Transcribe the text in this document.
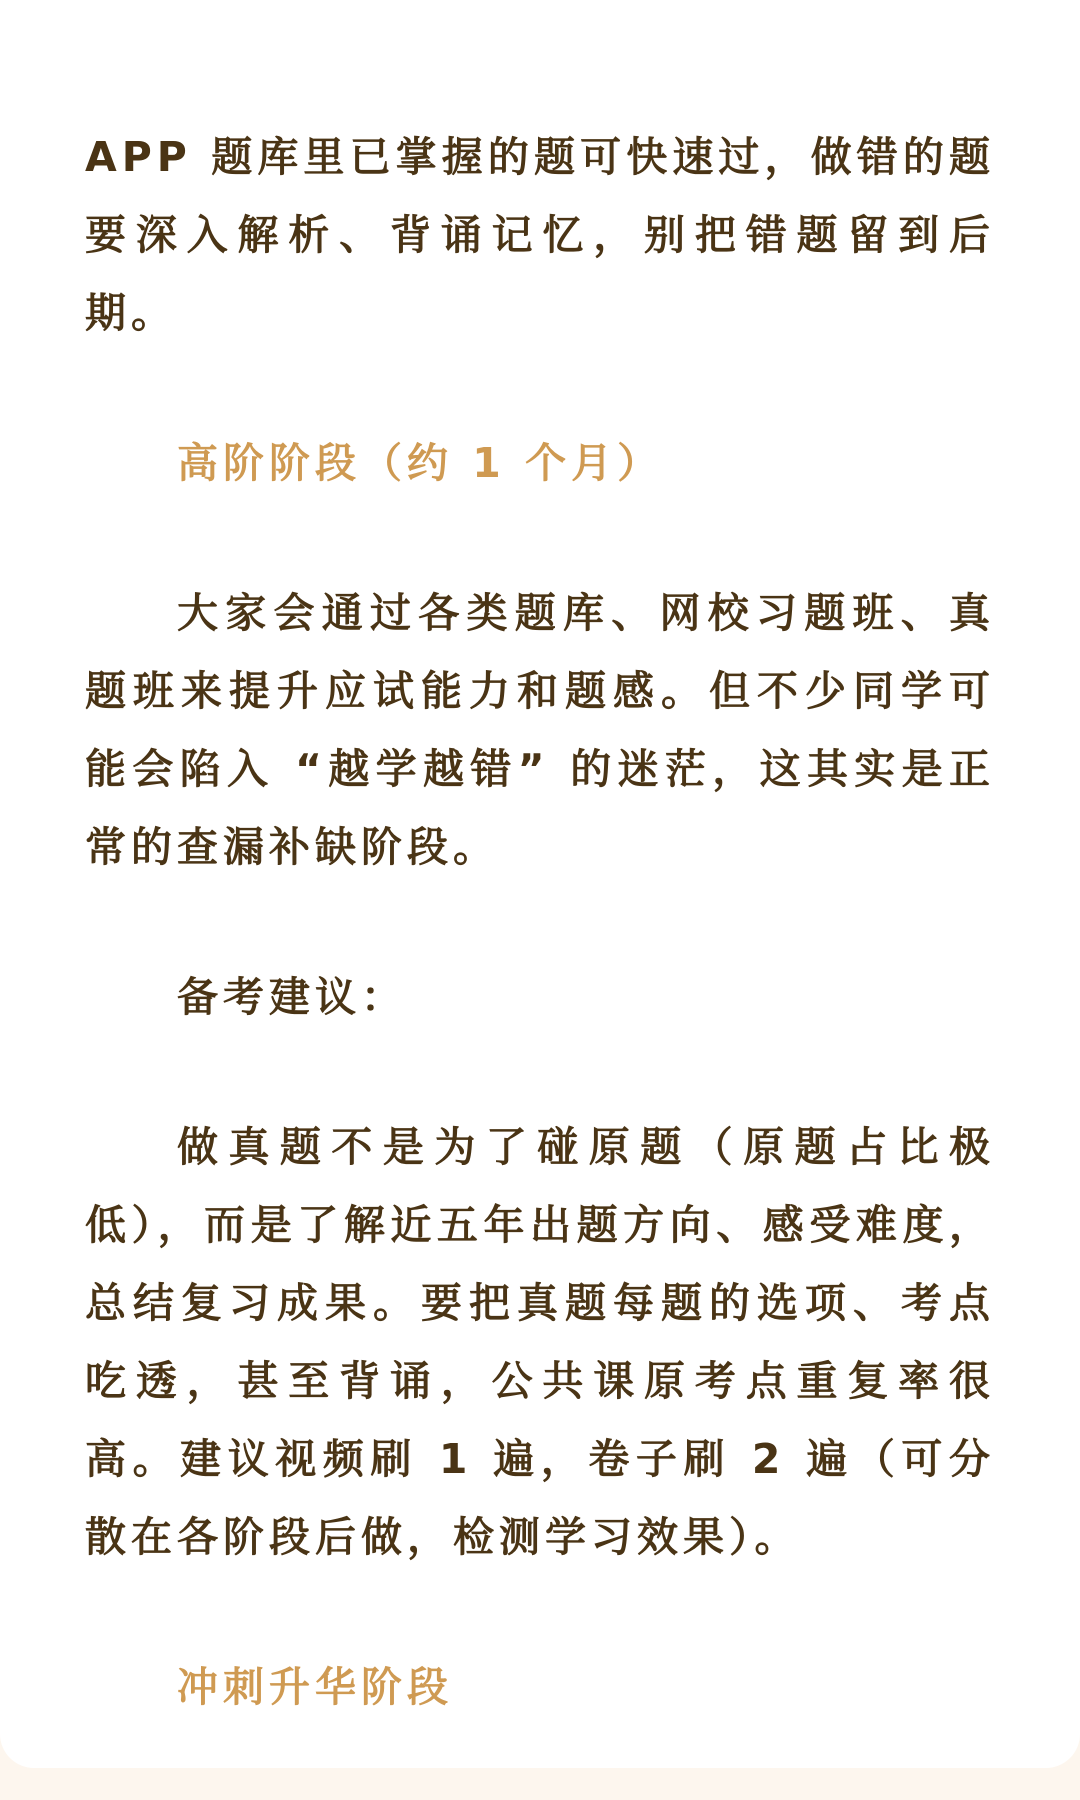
APP 题库里已掌握的题可快速过，做错的题要深入解析、背诵记忆，别把错题留到后期。

高阶阶段（约 1 个月）

大家会通过各类题库、网校习题班、真题班来提升应试能力和题感。但不少同学可能会陷入 “越学越错” 的迷茫，这其实是正常的查漏补缺阶段。

备考建议：

做真题不是为了碰原题（原题占比极低），而是了解近五年出题方向、感受难度，总结复习成果。要把真题每题的选项、考点吃透，甚至背诵，公共课原考点重复率很高。建议视频刷 1 遍，卷子刷 2 遍（可分散在各阶段后做，检测学习效果）。

冲刺升华阶段
